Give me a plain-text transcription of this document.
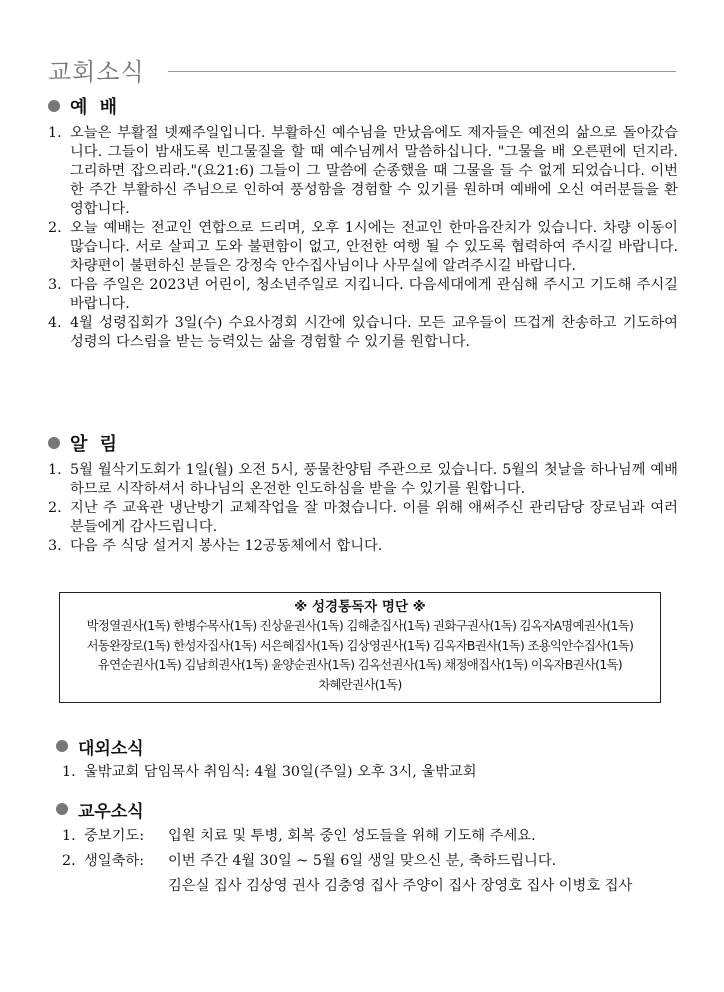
교회소식
예 배
1. 오늘은 부활절 넷째주일입니다. 부활하신 예수님을 만났음에도 제자들은 예전의 삶으로 돌아갔습니다. 그들이 밤새도록 빈그물질을 할 때 예수님께서 말씀하십니다. "그물을 배 오른편에 던지라.그리하면 잡으리라."(요21:6) 그들이 그 말씀에 순종했을 때 그물을 들 수 없게 되었습니다. 이번 한 주간 부활하신 주님으로 인하여 풍성함을 경험할 수 있기를 원하며 예배에 오신 여러분들을 환영합니다.
2. 오늘 예배는 전교인 연합으로 드리며, 오후 1시에는 전교인 한마음잔치가 있습니다. 차량 이동이 많습니다. 서로 살피고 도와 불편함이 없고, 안전한 여행 될 수 있도록 협력하여 주시길 바랍니다. 차량편이 불편하신 분들은 강정숙 안수집사님이나 사무실에 알려주시길 바랍니다.
3. 다음 주일은 2023년 어린이, 청소년주일로 지킵니다. 다음세대에게 관심해 주시고 기도해 주시길 바랍니다.
4. 4월 성령집회가 3일(수) 수요사경회 시간에 있습니다. 모든 교우들이 뜨겁게 찬송하고 기도하여 성령의 다스림을 받는 능력있는 삶을 경험할 수 있기를 원합니다.
알 림
1. 5월 월삭기도회가 1일(월) 오전 5시, 풍물찬양팀 주관으로 있습니다. 5월의 첫날을 하나님께 예배하므로 시작하셔서 하나님의 온전한 인도하심을 받을 수 있기를 원합니다.
2. 지난 주 교육관 냉난방기 교체작업을 잘 마쳤습니다. 이를 위해 애써주신 관리담당 장로님과 여러분들에게 감사드립니다.
3. 다음 주 식당 설거지 봉사는 12공동체에서 합니다.
※ 성경통독자 명단 ※
박정열권사(1독) 한병수목사(1독) 진상윤권사(1독) 김해춘집사(1독) 권화구권사(1독) 김옥자A명예권사(1독)
서동완장로(1독) 한성자집사(1독) 서은혜집사(1독) 김상영권사(1독) 김옥자B권사(1독) 조용익안수집사(1독)
유연순권사(1독) 김남희권사(1독) 윤양순권사(1독) 김옥선권사(1독) 채정애집사(1독) 이옥자B권사(1독)
차혜란권사(1독)
대외소식
1. 울밖교회 담임목사 취임식: 4월 30일(주일) 오후 3시, 울밖교회
교우소식
1. 중보기도:	입원 치료 및 투병, 회복 중인 성도들을 위해 기도해 주세요.
2. 생일축하:	이번 주간 4월 30일 ~ 5월 6일 생일 맞으신 분, 축하드립니다.
김은실 집사 김상영 권사 김충영 집사 주양이 집사 장영호 집사 이병호 집사
